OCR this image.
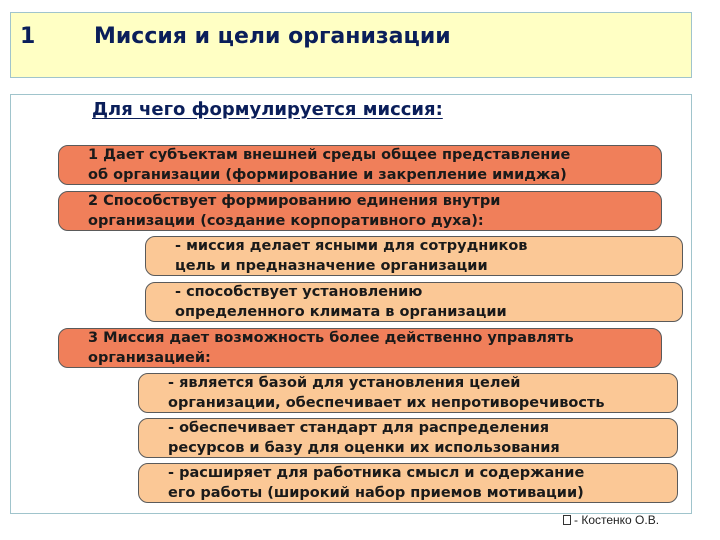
1	Миссия и цели организации
Для чего формулируется миссия:
1 Дает субъектам внешней среды общее представление
об организации (формирование и закрепление имиджа)
2 Способствует формированию единения внутри
организации (создание корпоративного духа):
- миссия делает ясными для сотрудников
цель и предназначение организации
- способствует установлению
определенного климата в организации
3 Миссия дает возможность более действенно управлять
организацией:
- является базой для установления целей
организации, обеспечивает их непротиворечивость
- обеспечивает стандарт для распределения
ресурсов и базу для оценки их использования
- расширяет для работника смысл и содержание
его работы (широкий набор приемов мотивации)
- Костенко О.В.
